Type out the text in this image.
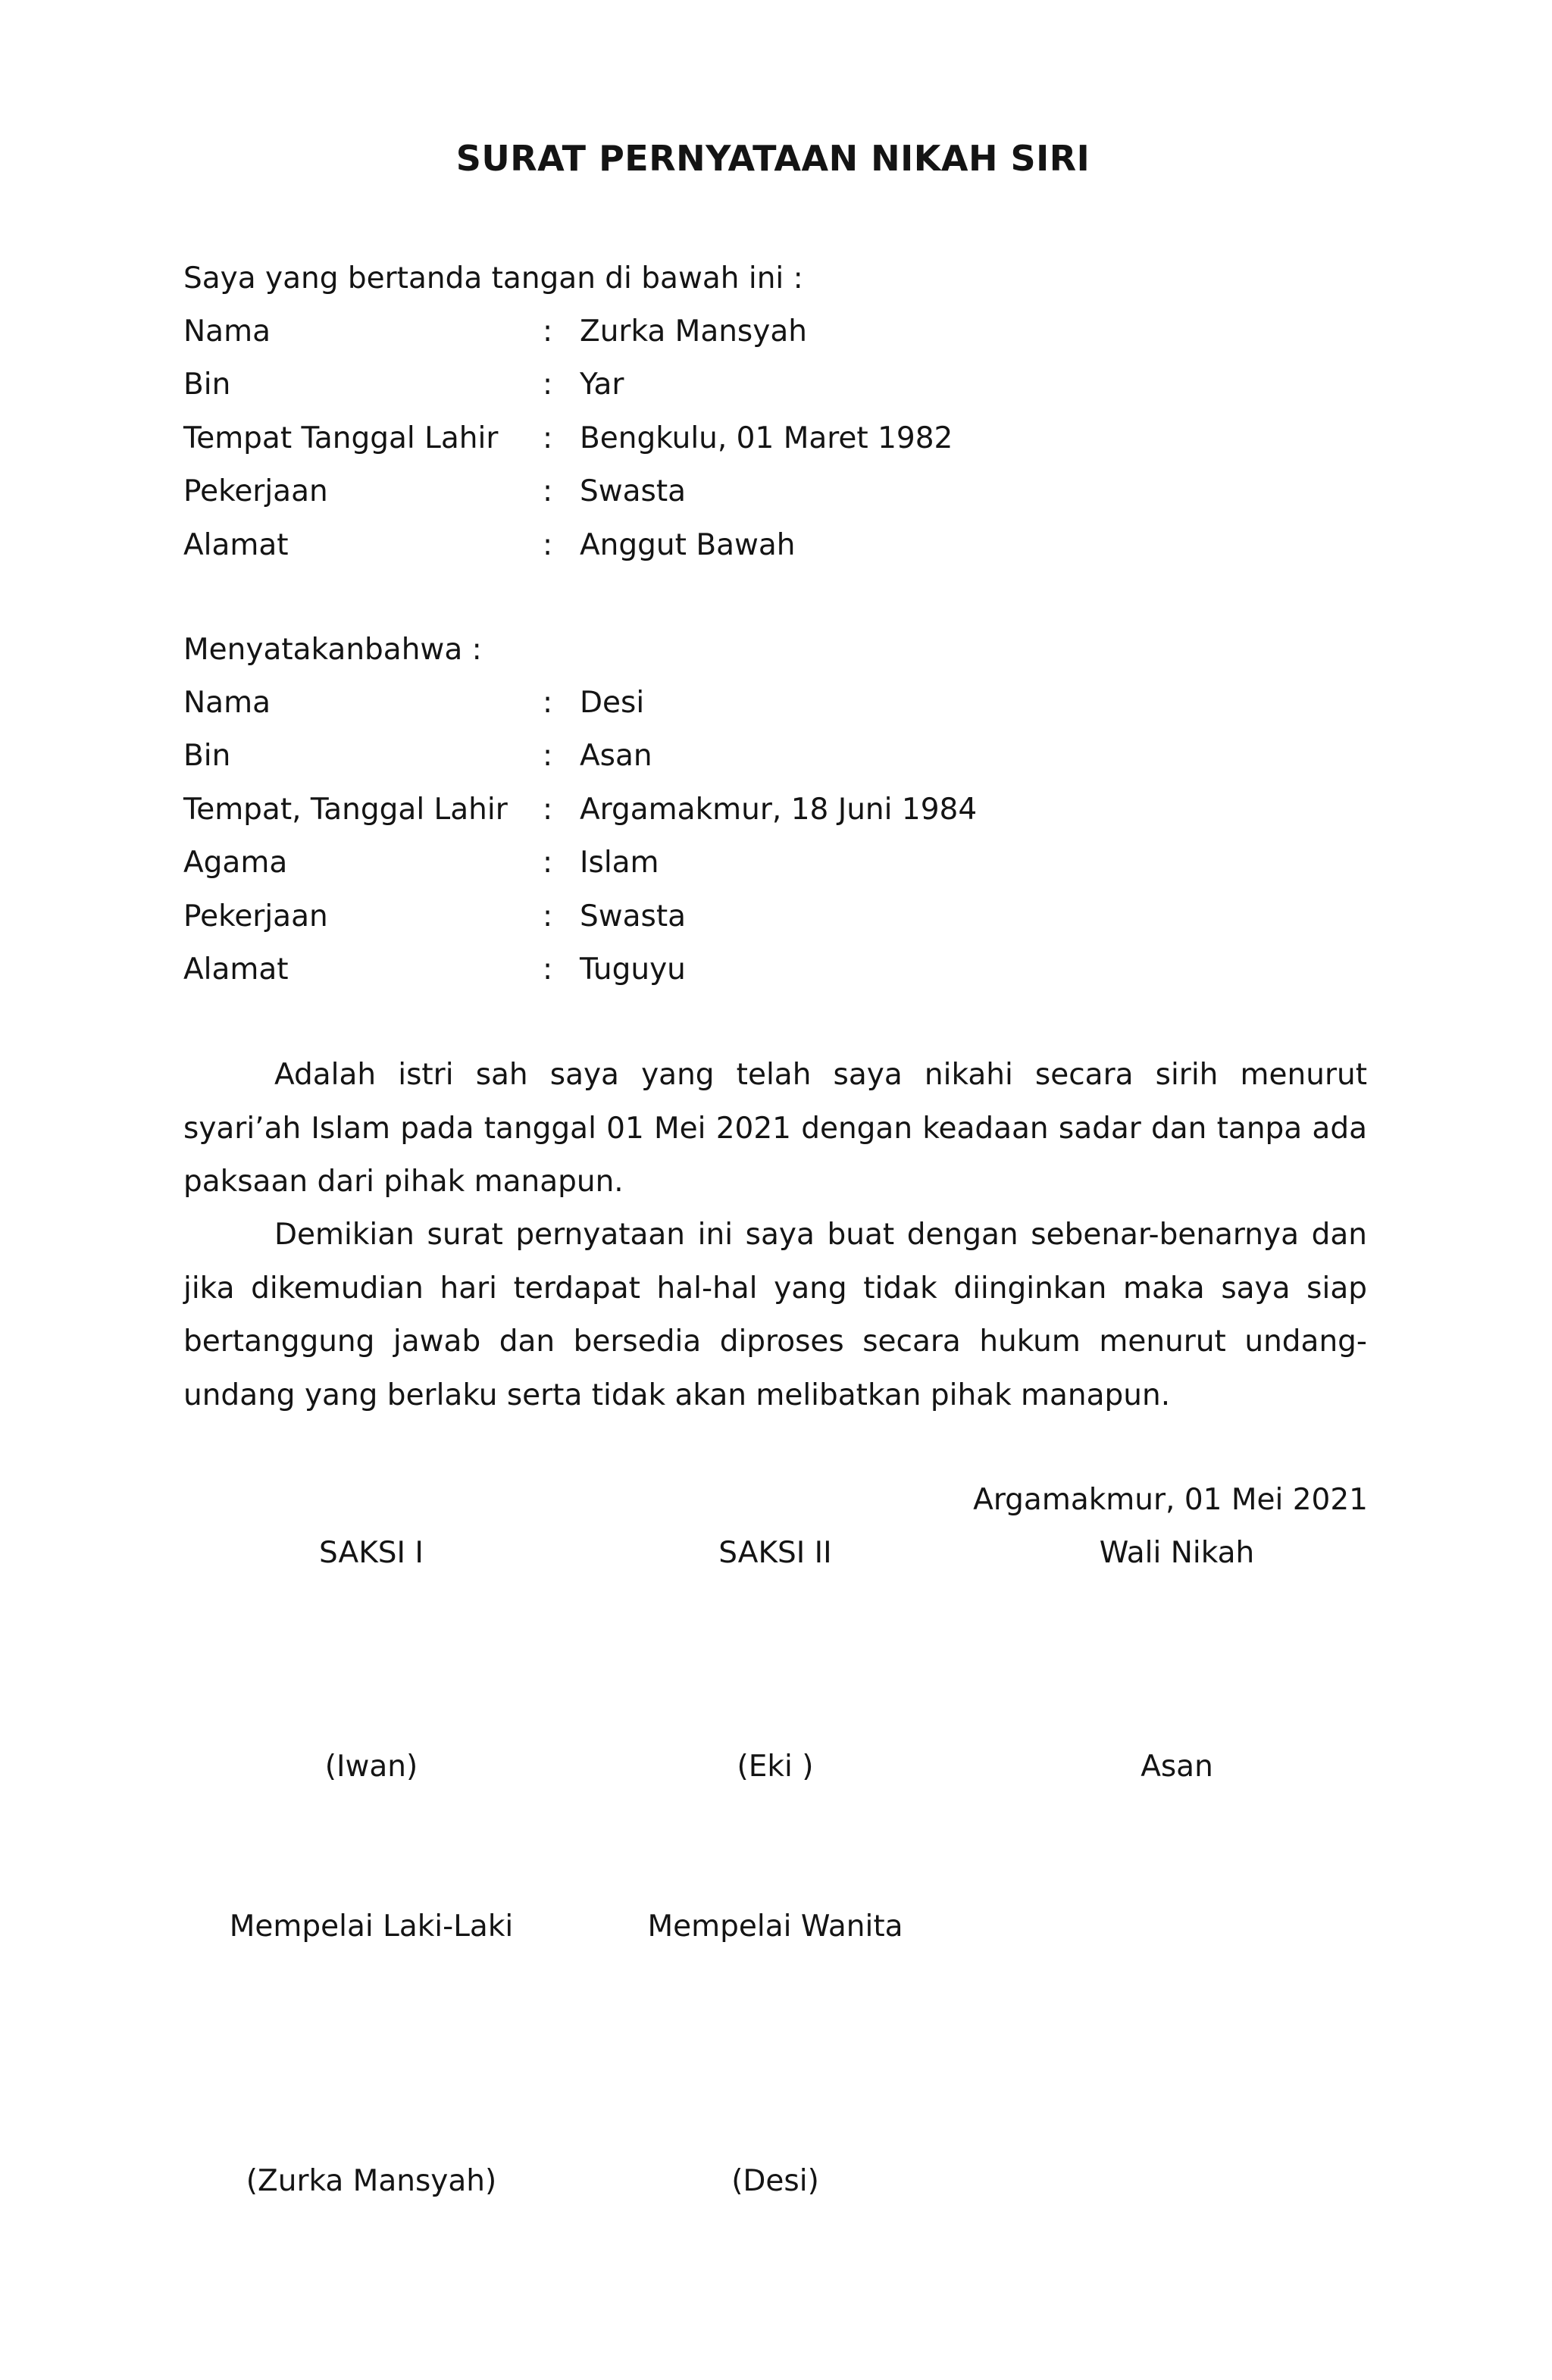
SURAT PERNYATAAN NIKAH SIRI
Saya yang bertanda tangan di bawah ini :
Nama	: Zurka Mansyah
Bin	: Yar
Tempat Tanggal Lahir : Bengkulu, 01 Maret 1982
Pekerjaan	: Swasta
Alamat	: Anggut Bawah
Menyatakanbahwa :
Nama	: Desi
Bin	: Asan
Tempat, Tanggal Lahir : Argamakmur, 18 Juni 1984
Agama	: Islam
Pekerjaan	: Swasta
Alamat	: Tuguyu

Adalah istri sah saya yang telah saya nikahi secara sirih menurut syari’ah Islam pada tanggal 01 Mei 2021 dengan keadaan sadar dan tanpa ada paksaan dari pihak manapun.

Demikian surat pernyataan ini saya buat dengan sebenar-benarnya dan jika dikemudian hari terdapat hal-hal yang tidak diinginkan maka saya siap bertanggung jawab dan bersedia diproses secara hukum menurut undang-undang yang berlaku serta tidak akan melibatkan pihak manapun.

Argamakmur, 01 Mei 2021
SAKSI I	SAKSI II	Wali Nikah
(Iwan)	(Eki )	Asan
Mempelai Laki-Laki	Mempelai Wanita
(Zurka Mansyah)	(Desi)
